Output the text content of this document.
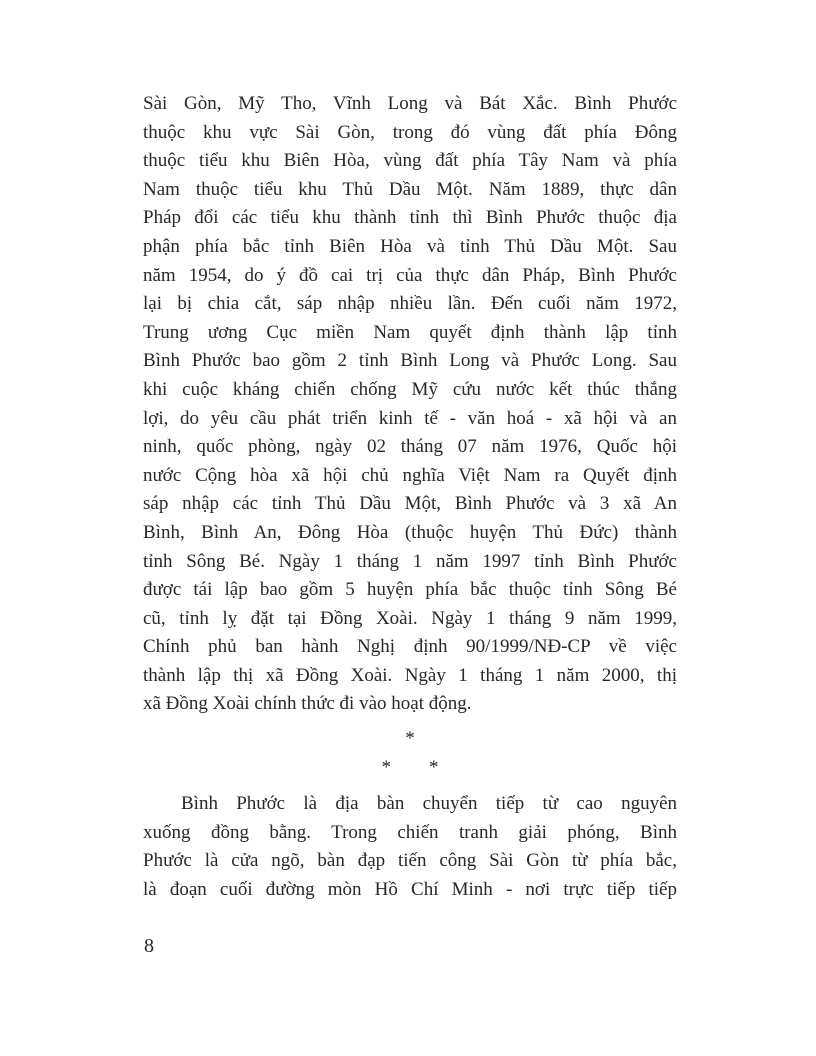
Sài Gòn, Mỹ Tho, Vĩnh Long và Bát Xắc. Bình Phước
thuộc khu vực Sài Gòn, trong đó vùng đất phía Đông
thuộc tiểu khu Biên Hòa, vùng đất phía Tây Nam và phía
Nam thuộc tiểu khu Thủ Dầu Một. Năm 1889, thực dân
Pháp đổi các tiểu khu thành tỉnh thì Bình Phước thuộc địa
phận phía bắc tỉnh Biên Hòa và tỉnh Thủ Dầu Một. Sau
năm 1954, do ý đồ cai trị của thực dân Pháp, Bình Phước
lại bị chia cắt, sáp nhập nhiều lần. Đến cuối năm 1972,
Trung ương Cục miền Nam quyết định thành lập tỉnh
Bình Phước bao gồm 2 tỉnh Bình Long và Phước Long. Sau
khi cuộc kháng chiến chống Mỹ cứu nước kết thúc thắng
lợi, do yêu cầu phát triển kinh tế - văn hoá - xã hội và an
ninh, quốc phòng, ngày 02 tháng 07 năm 1976, Quốc hội
nước Cộng hòa xã hội chủ nghĩa Việt Nam ra Quyết định
sáp nhập các tỉnh Thủ Dầu Một, Bình Phước và 3 xã An
Bình, Bình An, Đông Hòa (thuộc huyện Thủ Đức) thành
tỉnh Sông Bé. Ngày 1 tháng 1 năm 1997 tỉnh Bình Phước
được tái lập bao gồm 5 huyện phía bắc thuộc tỉnh Sông Bé
cũ, tỉnh lỵ đặt tại Đồng Xoài. Ngày 1 tháng 9 năm 1999,
Chính phủ ban hành Nghị định 90/1999/NĐ-CP về việc
thành lập thị xã Đồng Xoài. Ngày 1 tháng 1 năm 2000, thị
xã Đồng Xoài chính thức đi vào hoạt động.
*
* *
Bình Phước là địa bàn chuyển tiếp từ cao nguyên
xuống đồng bằng. Trong chiến tranh giải phóng, Bình
Phước là cửa ngõ, bàn đạp tiến công Sài Gòn từ phía bắc,
là đoạn cuối đường mòn Hồ Chí Minh - nơi trực tiếp tiếp
8
